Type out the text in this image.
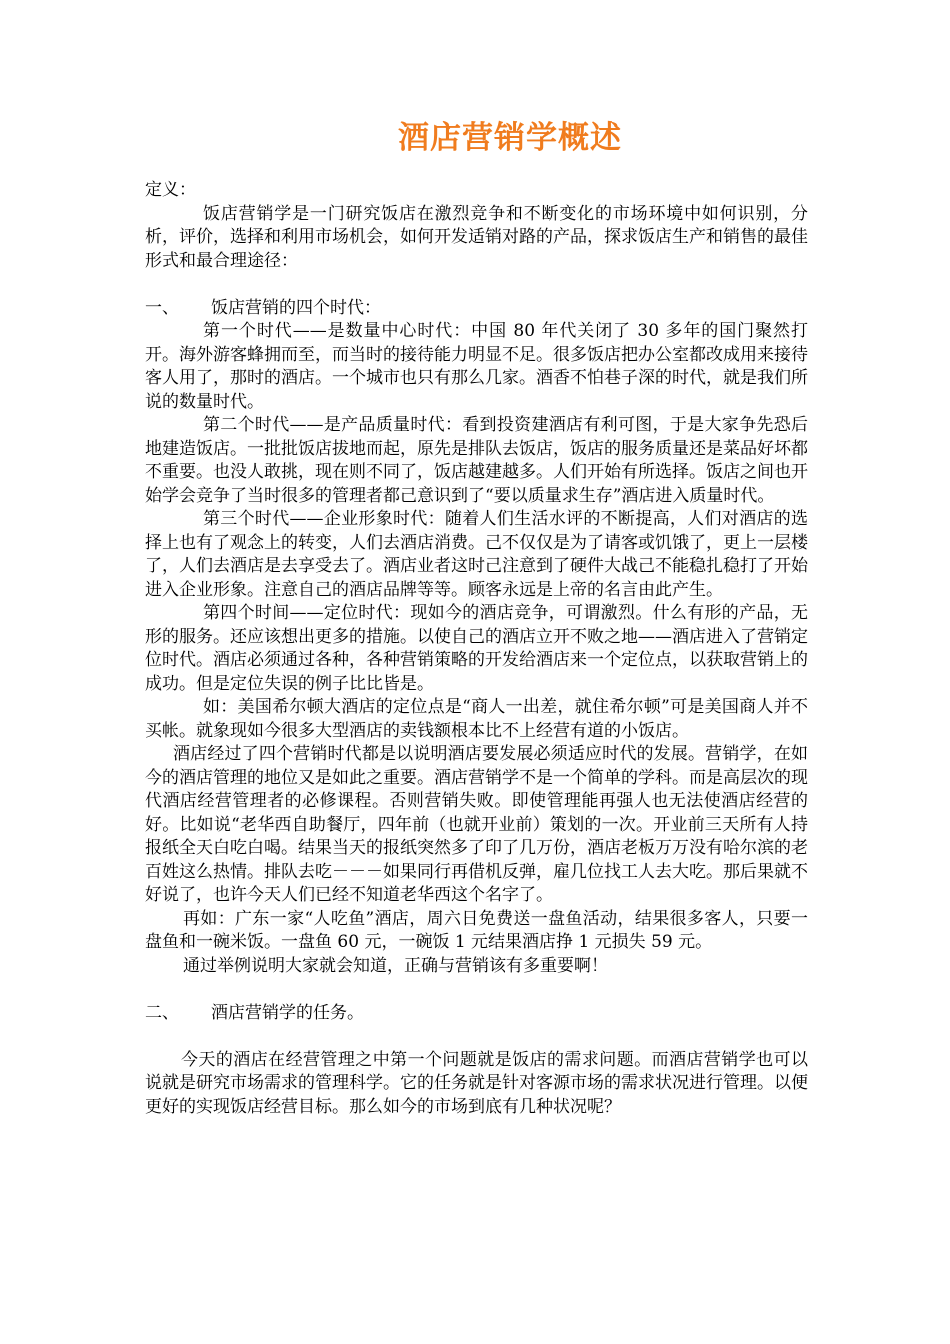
酒店营销学概述

定义：

饭店营销学是一门研究饭店在激烈竞争和不断变化的市场环境中如何识别，分析，评价，选择和利用市场机会，如何开发适销对路的产品，探求饭店生产和销售的最佳形式和最合理途径：

一、	饭店营销的四个时代：

第一个时代——是数量中心时代：中国 80 年代关闭了 30 多年的国门聚然打开。海外游客蜂拥而至，而当时的接待能力明显不足。很多饭店把办公室都改成用来接待客人用了，那时的酒店。一个城市也只有那么几家。酒香不怕巷子深的时代，就是我们所说的数量时代。

第二个时代——是产品质量时代：看到投资建酒店有利可图，于是大家争先恐后地建造饭店。一批批饭店拔地而起，原先是排队去饭店，饭店的服务质量还是菜品好坏都不重要。也没人敢挑，现在则不同了，饭店越建越多。人们开始有所选择。饭店之间也开始学会竞争了当时很多的管理者都己意识到了“要以质量求生存”酒店进入质量时代。

第三个时代——企业形象时代：随着人们生活水评的不断提高，人们对酒店的选择上也有了观念上的转变，人们去酒店消费。己不仅仅是为了请客或饥饿了，更上一层楼了，人们去酒店是去享受去了。酒店业者这时己注意到了硬件大战己不能稳扎稳打了开始进入企业形象。注意自己的酒店品牌等等。顾客永远是上帝的名言由此产生。

第四个时间——定位时代：现如今的酒店竞争，可谓激烈。什么有形的产品，无形的服务。还应该想出更多的措施。以使自己的酒店立开不败之地——酒店进入了营销定位时代。酒店必须通过各种，各种营销策略的开发给酒店来一个定位点，以获取营销上的成功。但是定位失误的例子比比皆是。

如：美国希尔顿大酒店的定位点是“商人一出差，就住希尔顿”可是美国商人并不买帐。就象现如今很多大型酒店的卖钱额根本比不上经营有道的小饭店。

酒店经过了四个营销时代都是以说明酒店要发展必须适应时代的发展。营销学，在如今的酒店管理的地位又是如此之重要。酒店营销学不是一个简单的学科。而是高层次的现代酒店经营管理者的必修课程。否则营销失败。即使管理能再强人也无法使酒店经营的好。比如说“老华西自助餐厅，四年前（也就开业前）策划的一次。开业前三天所有人持报纸全天白吃白喝。结果当天的报纸突然多了印了几万份，酒店老板万万没有哈尔滨的老百姓这么热情。排队去吃－－－如果同行再借机反弹，雇几位找工人去大吃。那后果就不好说了，也许今天人们已经不知道老华西这个名字了。

再如：广东一家“人吃鱼”酒店，周六日免费送一盘鱼活动，结果很多客人，只要一盘鱼和一碗米饭。一盘鱼 60 元，一碗饭 1 元结果酒店挣 1 元损失 59 元。

通过举例说明大家就会知道，正确与营销该有多重要啊！

二、	酒店营销学的任务。

今天的酒店在经营管理之中第一个问题就是饭店的需求问题。而酒店营销学也可以说就是研究市场需求的管理科学。它的任务就是针对客源市场的需求状况进行管理。以便更好的实现饭店经营目标。那么如今的市场到底有几种状况呢？
